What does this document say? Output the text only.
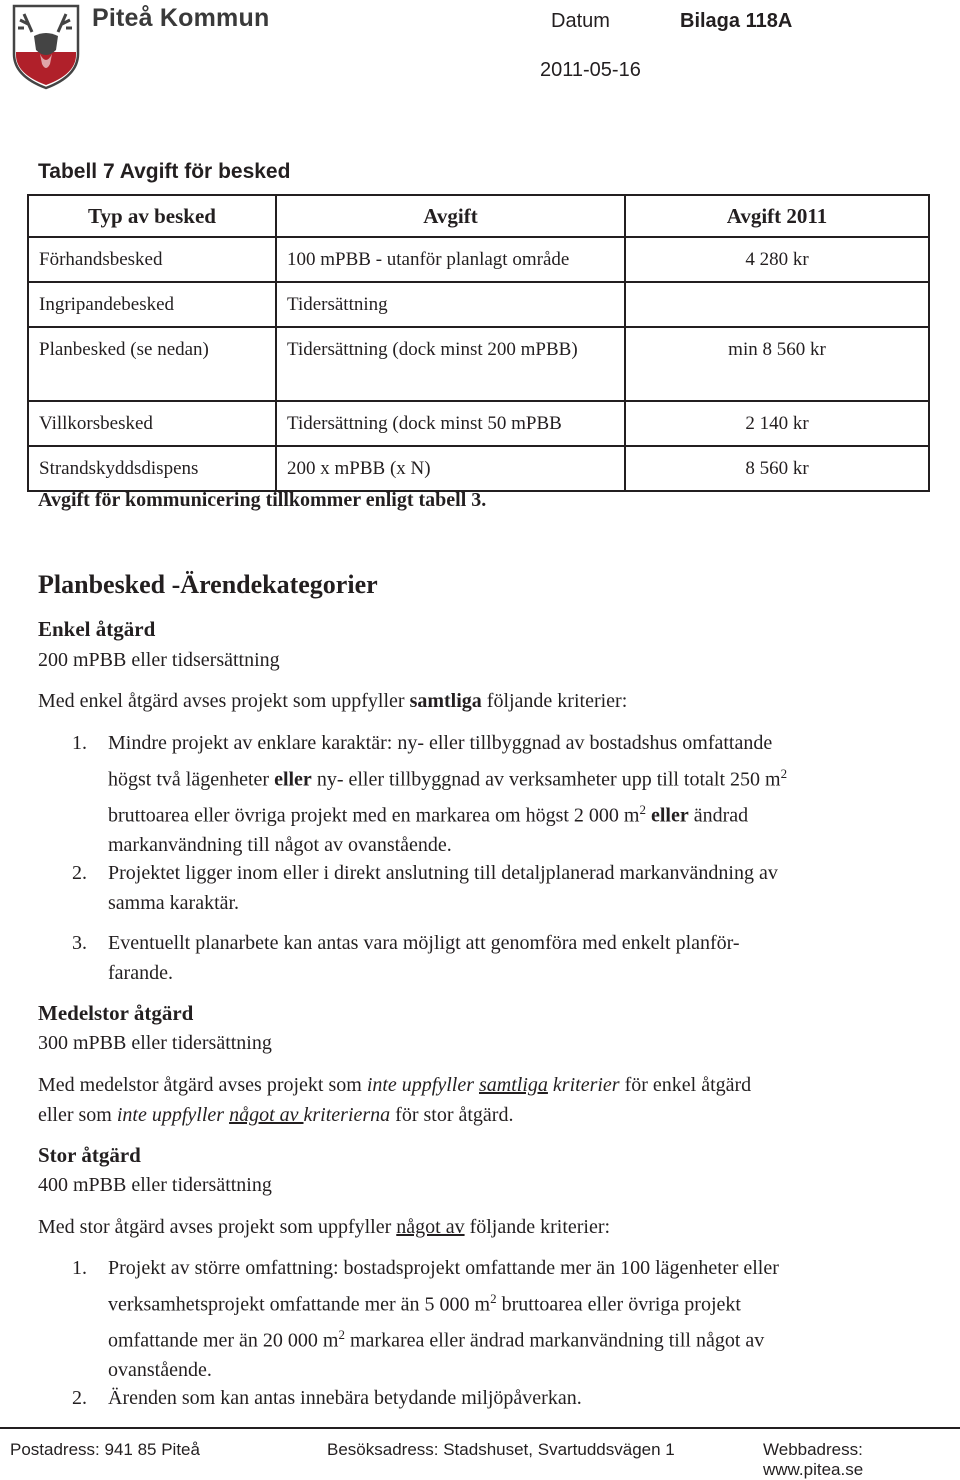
Piteå Kommun	Datum	Bilaga 118A
2011-05-16
Tabell 7 Avgift för besked
Typ av besked	Avgift	Avgift 2011
Förhandsbesked	100 mPBB - utanför planlagt område	4 280 kr
Ingripandebesked	Tidersättning	
Planbesked (se nedan)	Tidersättning (dock minst 200 mPBB)	min 8 560 kr
Villkorsbesked	Tidersättning (dock minst 50 mPBB	2 140 kr
Strandskyddsdispens	200 x mPBB (x N)	8 560 kr
Avgift för kommunicering tillkommer enligt tabell 3.
Planbesked -Ärendekategorier
Enkel åtgärd
200 mPBB eller tidsersättning
Med enkel åtgärd avses projekt som uppfyller samtliga följande kriterier:
1.	Mindre projekt av enklare karaktär: ny- eller tillbyggnad av bostadshus omfattande
högst två lägenheter eller ny- eller tillbyggnad av verksamheter upp till totalt 250 $m^2$
bruttoarea eller övriga projekt med en markarea om högst 2 000 $m^2$ eller ändrad
markanvändning till något av ovanstående.
2.	Projektet ligger inom eller i direkt anslutning till detaljplanerad markanvändning av
samma karaktär.
3.	Eventuellt planarbete kan antas vara möjligt att genomföra med enkelt planför-
farande.
Medelstor åtgärd
300 mPBB eller tidersättning
Med medelstor åtgärd avses projekt som inte uppfyller samtliga kriterier för enkel åtgärd
eller som inte uppfyller något av kriterierna för stor åtgärd.
Stor åtgärd
400 mPBB eller tidersättning
Med stor åtgärd avses projekt som uppfyller något av följande kriterier:
1.	Projekt av större omfattning: bostadsprojekt omfattande mer än 100 lägenheter eller
verksamhetsprojekt omfattande mer än 5 000 $m^2$ bruttoarea eller övriga projekt
omfattande mer än 20 000 $m^2$ markarea eller ändrad markanvändning till något av
ovanstående.
2.	Ärenden som kan antas innebära betydande miljöpåverkan.
Postadress: 941 85 Piteå	Besöksadress: Stadshuset, Svartuddsvägen 1	Webbadress: www.pitea.se
